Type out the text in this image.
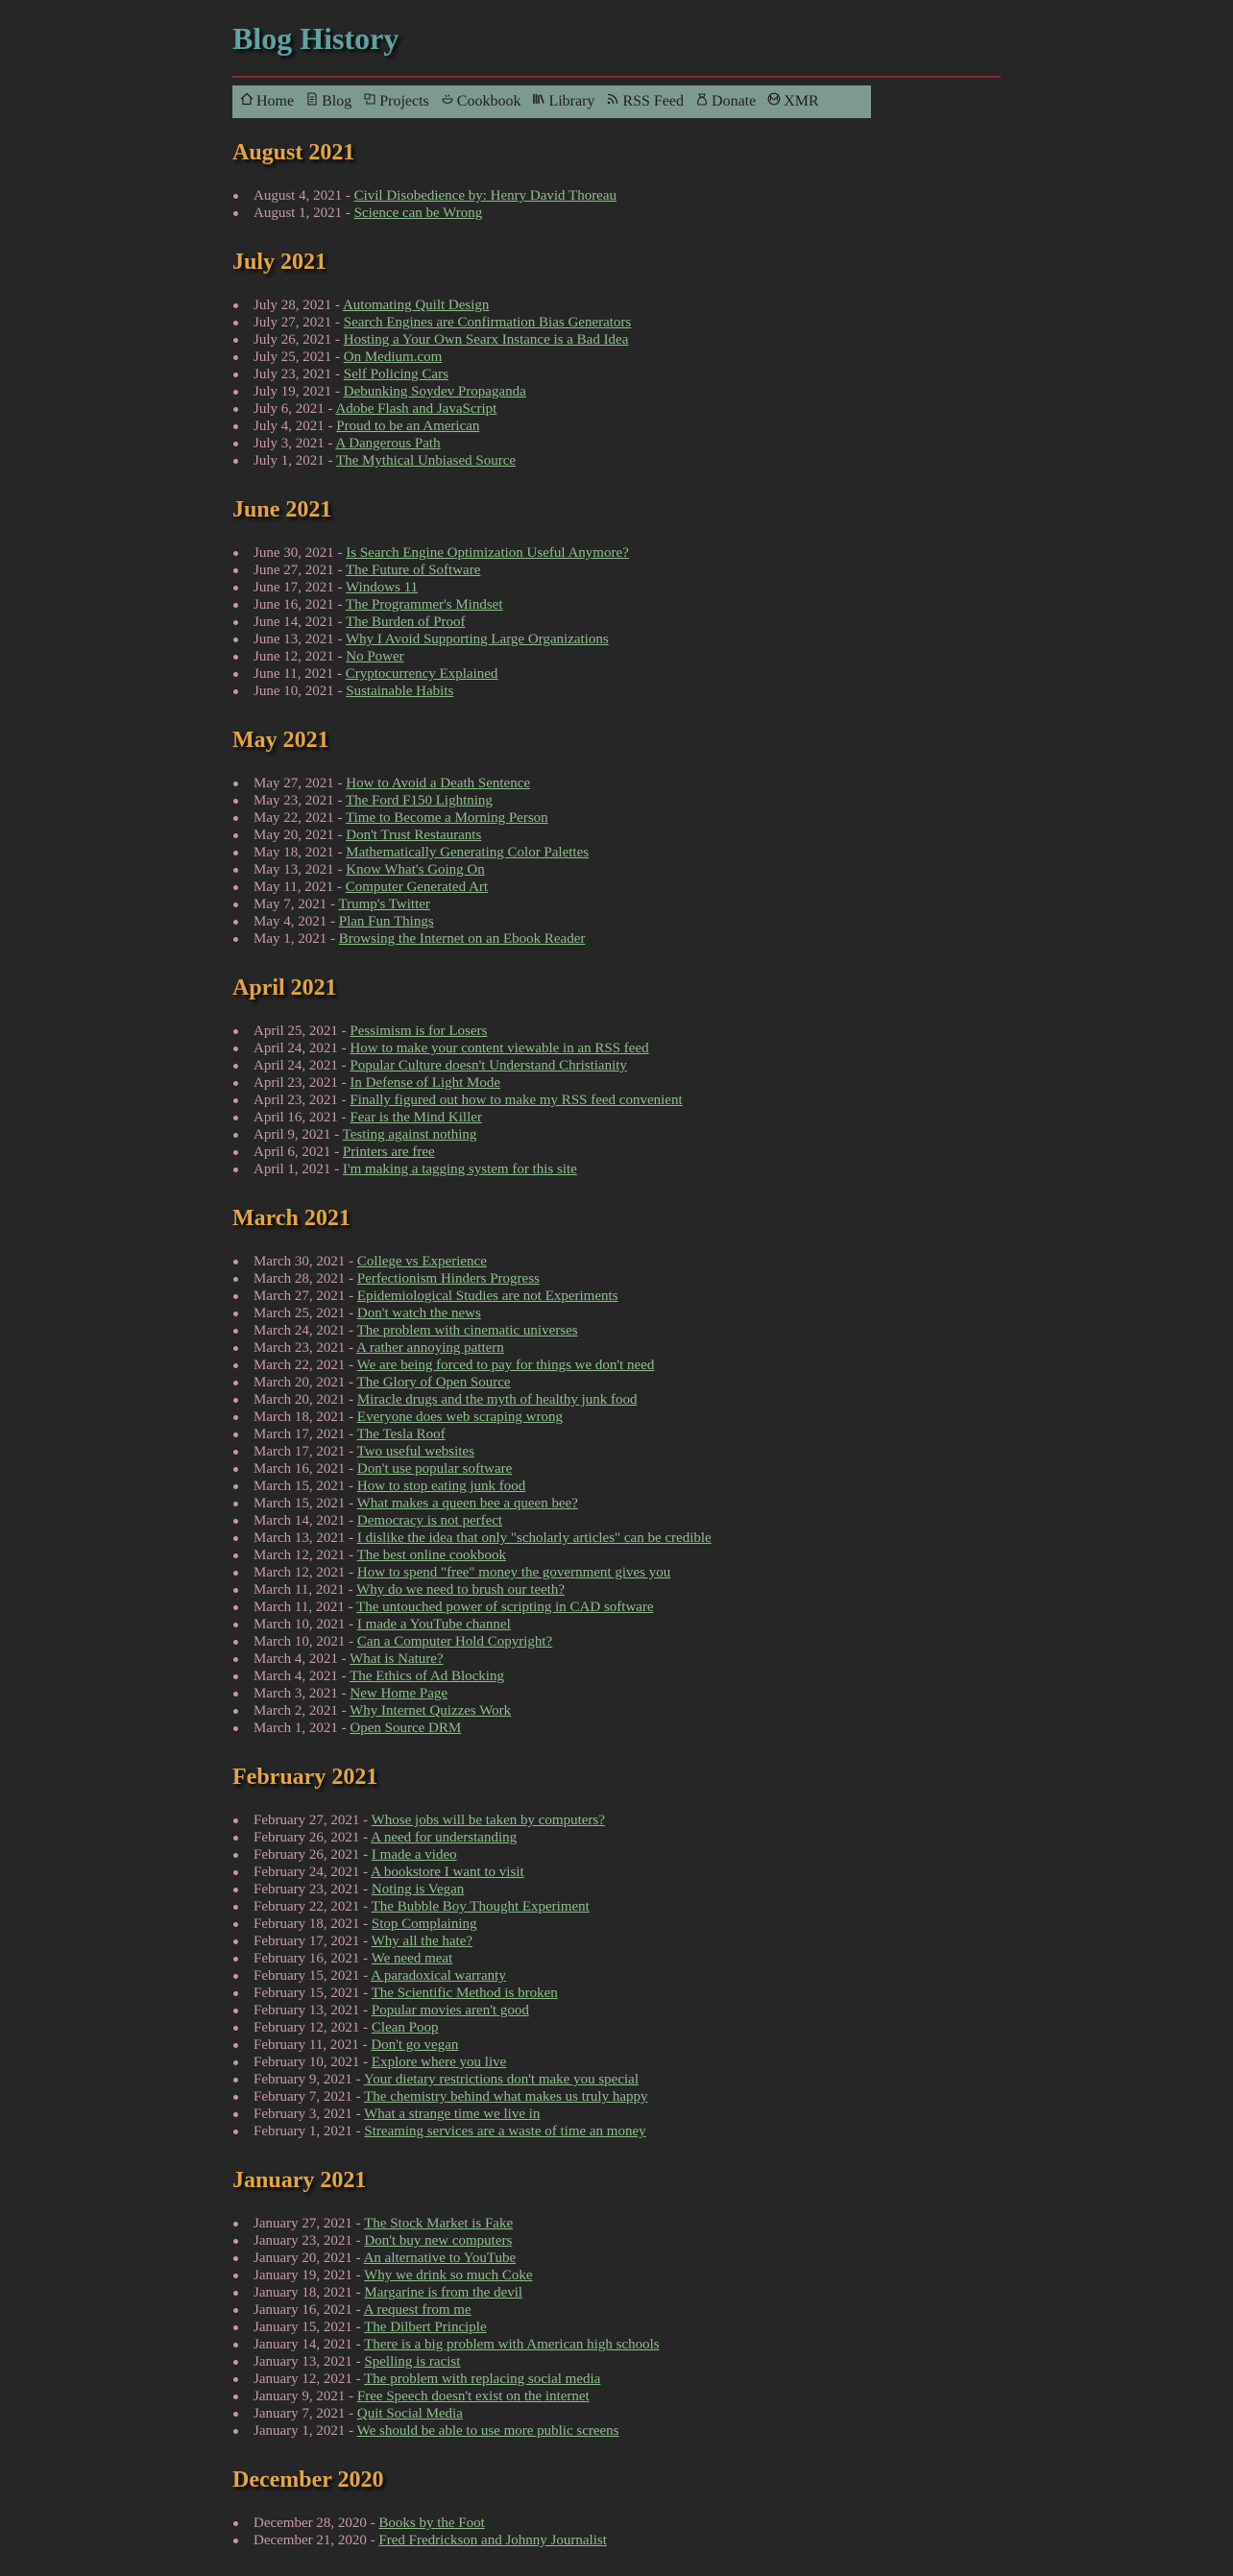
Blog History
Home Blog Projects Cookbook Library RSS Feed Donate XMR
August 2021
August 4, 2021 - Civil Disobedience by: Henry David Thoreau
August 1, 2021 - Science can be Wrong
July 2021
July 28, 2021 - Automating Quilt Design
July 27, 2021 - Search Engines are Confirmation Bias Generators
July 26, 2021 - Hosting a Your Own Searx Instance is a Bad Idea
July 25, 2021 - On Medium.com
July 23, 2021 - Self Policing Cars
July 19, 2021 - Debunking Soydev Propaganda
July 6, 2021 - Adobe Flash and JavaScript
July 4, 2021 - Proud to be an American
July 3, 2021 - A Dangerous Path
July 1, 2021 - The Mythical Unbiased Source
June 2021
June 30, 2021 - Is Search Engine Optimization Useful Anymore?
June 27, 2021 - The Future of Software
June 17, 2021 - Windows 11
June 16, 2021 - The Programmer's Mindset
June 14, 2021 - The Burden of Proof
June 13, 2021 - Why I Avoid Supporting Large Organizations
June 12, 2021 - No Power
June 11, 2021 - Cryptocurrency Explained
June 10, 2021 - Sustainable Habits
May 2021
May 27, 2021 - How to Avoid a Death Sentence
May 23, 2021 - The Ford F150 Lightning
May 22, 2021 - Time to Become a Morning Person
May 20, 2021 - Don't Trust Restaurants
May 18, 2021 - Mathematically Generating Color Palettes
May 13, 2021 - Know What's Going On
May 11, 2021 - Computer Generated Art
May 7, 2021 - Trump's Twitter
May 4, 2021 - Plan Fun Things
May 1, 2021 - Browsing the Internet on an Ebook Reader
April 2021
April 25, 2021 - Pessimism is for Losers
April 24, 2021 - How to make your content viewable in an RSS feed
April 24, 2021 - Popular Culture doesn't Understand Christianity
April 23, 2021 - In Defense of Light Mode
April 23, 2021 - Finally figured out how to make my RSS feed convenient
April 16, 2021 - Fear is the Mind Killer
April 9, 2021 - Testing against nothing
April 6, 2021 - Printers are free
April 1, 2021 - I'm making a tagging system for this site
March 2021
March 30, 2021 - College vs Experience
March 28, 2021 - Perfectionism Hinders Progress
March 27, 2021 - Epidemiological Studies are not Experiments
March 25, 2021 - Don't watch the news
March 24, 2021 - The problem with cinematic universes
March 23, 2021 - A rather annoying pattern
March 22, 2021 - We are being forced to pay for things we don't need
March 20, 2021 - The Glory of Open Source
March 20, 2021 - Miracle drugs and the myth of healthy junk food
March 18, 2021 - Everyone does web scraping wrong
March 17, 2021 - The Tesla Roof
March 17, 2021 - Two useful websites
March 16, 2021 - Don't use popular software
March 15, 2021 - How to stop eating junk food
March 15, 2021 - What makes a queen bee a queen bee?
March 14, 2021 - Democracy is not perfect
March 13, 2021 - I dislike the idea that only "scholarly articles" can be credible
March 12, 2021 - The best online cookbook
March 12, 2021 - How to spend "free" money the government gives you
March 11, 2021 - Why do we need to brush our teeth?
March 11, 2021 - The untouched power of scripting in CAD software
March 10, 2021 - I made a YouTube channel
March 10, 2021 - Can a Computer Hold Copyright?
March 4, 2021 - What is Nature?
March 4, 2021 - The Ethics of Ad Blocking
March 3, 2021 - New Home Page
March 2, 2021 - Why Internet Quizzes Work
March 1, 2021 - Open Source DRM
February 2021
February 27, 2021 - Whose jobs will be taken by computers?
February 26, 2021 - A need for understanding
February 26, 2021 - I made a video
February 24, 2021 - A bookstore I want to visit
February 23, 2021 - Noting is Vegan
February 22, 2021 - The Bubble Boy Thought Experiment
February 18, 2021 - Stop Complaining
February 17, 2021 - Why all the hate?
February 16, 2021 - We need meat
February 15, 2021 - A paradoxical warranty
February 15, 2021 - The Scientific Method is broken
February 13, 2021 - Popular movies aren't good
February 12, 2021 - Clean Poop
February 11, 2021 - Don't go vegan
February 10, 2021 - Explore where you live
February 9, 2021 - Your dietary restrictions don't make you special
February 7, 2021 - The chemistry behind what makes us truly happy
February 3, 2021 - What a strange time we live in
February 1, 2021 - Streaming services are a waste of time an money
January 2021
January 27, 2021 - The Stock Market is Fake
January 23, 2021 - Don't buy new computers
January 20, 2021 - An alternative to YouTube
January 19, 2021 - Why we drink so much Coke
January 18, 2021 - Margarine is from the devil
January 16, 2021 - A request from me
January 15, 2021 - The Dilbert Principle
January 14, 2021 - There is a big problem with American high schools
January 13, 2021 - Spelling is racist
January 12, 2021 - The problem with replacing social media
January 9, 2021 - Free Speech doesn't exist on the internet
January 7, 2021 - Quit Social Media
January 1, 2021 - We should be able to use more public screens
December 2020
December 28, 2020 - Books by the Foot
December 21, 2020 - Fred Fredrickson and Johnny Journalist
